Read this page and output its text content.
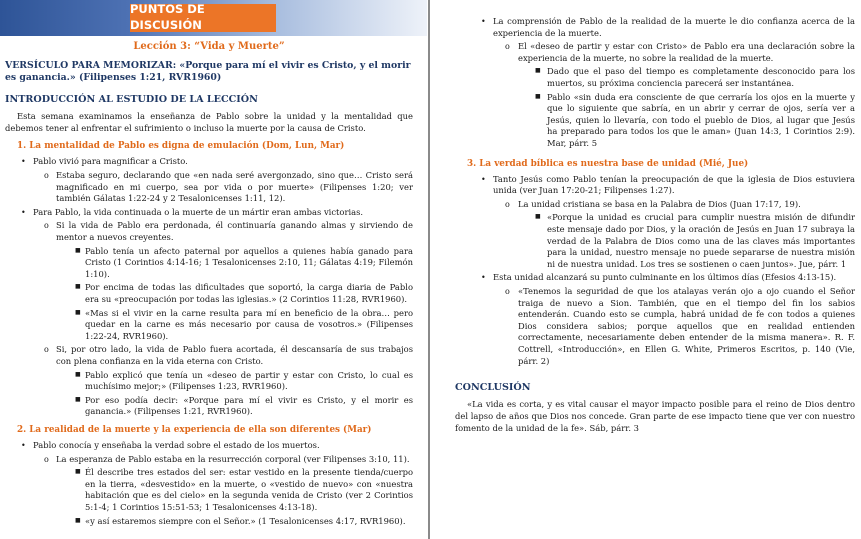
PUNTOS DE DISCUSIÓN
Lección 3: “Vida y Muerte”
VERSÍCULO PARA MEMORIZAR: «Porque para mí el vivir es Cristo, y el morir es ganancia.» (Filipenses 1:21, RVR1960)
INTRODUCCIÓN AL ESTUDIO DE LA LECCIÓN
Esta semana examinamos la enseñanza de Pablo sobre la unidad y la mentalidad que debemos tener al enfrentar el sufrimiento o incluso la muerte por la causa de Cristo.
1. La mentalidad de Pablo es digna de emulación (Dom, Lun, Mar)
• Pablo vivió para magnificar a Cristo.
o Estaba seguro, declarando que «en nada seré avergonzado, sino que… Cristo será magnificado en mi cuerpo, sea por vida o por muerte» (Filipenses 1:20; ver también Gálatas 1:22-24 y 2 Tesalonicenses 1:11, 12).
• Para Pablo, la vida continuada o la muerte de un mártir eran ambas victorias.
o Si la vida de Pablo era perdonada, él continuaría ganando almas y sirviendo de mentor a nuevos creyentes.
■ Pablo tenía un afecto paternal por aquellos a quienes había ganado para Cristo (1 Corintios 4:14-16; 1 Tesalonicenses 2:10, 11; Gálatas 4:19; Filemón 1:10).
■ Por encima de todas las dificultades que soportó, la carga diaria de Pablo era su «preocupación por todas las iglesias.» (2 Corintios 11:28, RVR1960).
■ «Mas si el vivir en la carne resulta para mí en beneficio de la obra… pero quedar en la carne es más necesario por causa de vosotros.» (Filipenses 1:22-24, RVR1960).
o Si, por otro lado, la vida de Pablo fuera acortada, él descansaría de sus trabajos con plena confianza en la vida eterna con Cristo.
■ Pablo explicó que tenía un «deseo de partir y estar con Cristo, lo cual es muchísimo mejor;» (Filipenses 1:23, RVR1960).
■ Por eso podía decir: «Porque para mí el vivir es Cristo, y el morir es ganancia.» (Filipenses 1:21, RVR1960).
2. La realidad de la muerte y la experiencia de ella son diferentes (Mar)
• Pablo conocía y enseñaba la verdad sobre el estado de los muertos.
o La esperanza de Pablo estaba en la resurrección corporal (ver Filipenses 3:10, 11).
■ Él describe tres estados del ser: estar vestido en la presente tienda/cuerpo en la tierra, «desvestido» en la muerte, o «vestido de nuevo» con «nuestra habitación que es del cielo» en la segunda venida de Cristo (ver 2 Corintios 5:1-4; 1 Corintios 15:51-53; 1 Tesalonicenses 4:13-18).
■ «y así estaremos siempre con el Señor.» (1 Tesalonicenses 4:17, RVR1960).
• La comprensión de Pablo de la realidad de la muerte le dio confianza acerca de la experiencia de la muerte.
o El «deseo de partir y estar con Cristo» de Pablo era una declaración sobre la experiencia de la muerte, no sobre la realidad de la muerte.
■ Dado que el paso del tiempo es completamente desconocido para los muertos, su próxima conciencia parecerá ser instantánea.
■ Pablo «sin duda era consciente de que cerraría los ojos en la muerte y que lo siguiente que sabría, en un abrir y cerrar de ojos, sería ver a Jesús, quien lo llevaría, con todo el pueblo de Dios, al lugar que Jesús ha preparado para todos los que le aman» (Juan 14:3, 1 Corintios 2:9). Mar, párr. 5
3. La verdad bíblica es nuestra base de unidad (Mié, Jue)
• Tanto Jesús como Pablo tenían la preocupación de que la iglesia de Dios estuviera unida (ver Juan 17:20-21; Filipenses 1:27).
o La unidad cristiana se basa en la Palabra de Dios (Juan 17:17, 19).
■ «Porque la unidad es crucial para cumplir nuestra misión de difundir este mensaje dado por Dios, y la oración de Jesús en Juan 17 subraya la verdad de la Palabra de Dios como una de las claves más importantes para la unidad, nuestro mensaje no puede separarse de nuestra misión ni de nuestra unidad. Los tres se sostienen o caen juntos». Jue, párr. 1
• Esta unidad alcanzará su punto culminante en los últimos días (Efesios 4:13-15).
o «Tenemos la seguridad de que los atalayas verán ojo a ojo cuando el Señor traiga de nuevo a Sion. También, que en el tiempo del fin los sabios entenderán. Cuando esto se cumpla, habrá unidad de fe con todos a quienes Dios considera sabios; porque aquellos que en realidad entienden correctamente, necesariamente deben entender de la misma manera». R. F. Cottrell, «Introducción», en Ellen G. White, Primeros Escritos, p. 140 (Vie, párr. 2)
CONCLUSIÓN
«La vida es corta, y es vital causar el mayor impacto posible para el reino de Dios dentro del lapso de años que Dios nos concede. Gran parte de ese impacto tiene que ver con nuestro fomento de la unidad de la fe». Sáb, párr. 3
